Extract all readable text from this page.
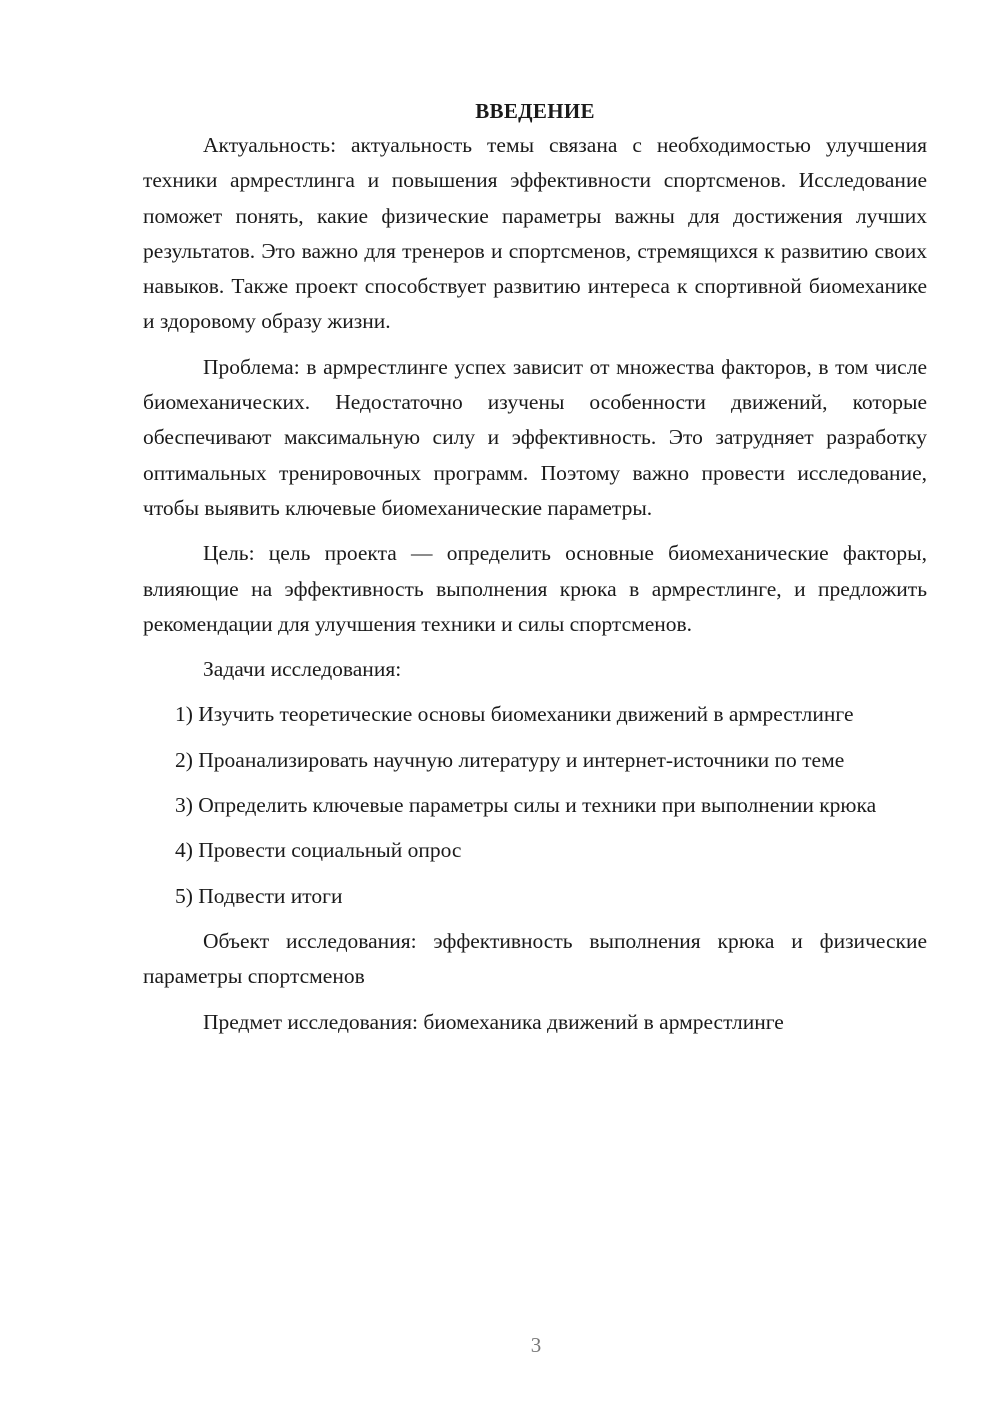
ВВЕДЕНИЕ

Актуальность: актуальность темы связана с необходимостью улучшения техники армрестлинга и повышения эффективности спортсменов. Исследование поможет понять, какие физические параметры важны для достижения лучших результатов. Это важно для тренеров и спортсменов, стремящихся к развитию своих навыков. Также проект способствует развитию интереса к спортивной биомеханике и здоровому образу жизни.

Проблема: в армрестлинге успех зависит от множества факторов, в том числе биомеханических. Недостаточно изучены особенности движений, которые обеспечивают максимальную силу и эффективность. Это затрудняет разработку оптимальных тренировочных программ. Поэтому важно провести исследование, чтобы выявить ключевые биомеханические параметры.

Цель: цель проекта — определить основные биомеханические факторы, влияющие на эффективность выполнения крюка в армрестлинге, и предложить рекомендации для улучшения техники и силы спортсменов.

Задачи исследования:

1) Изучить теоретические основы биомеханики движений в армрестлинге

2) Проанализировать научную литературу и интернет-источники по теме

3) Определить ключевые параметры силы и техники при выполнении крюка

4) Провести социальный опрос

5) Подвести итоги

Объект исследования: эффективность выполнения крюка и физические параметры спортсменов

Предмет исследования: биомеханика движений в армрестлинге

3
